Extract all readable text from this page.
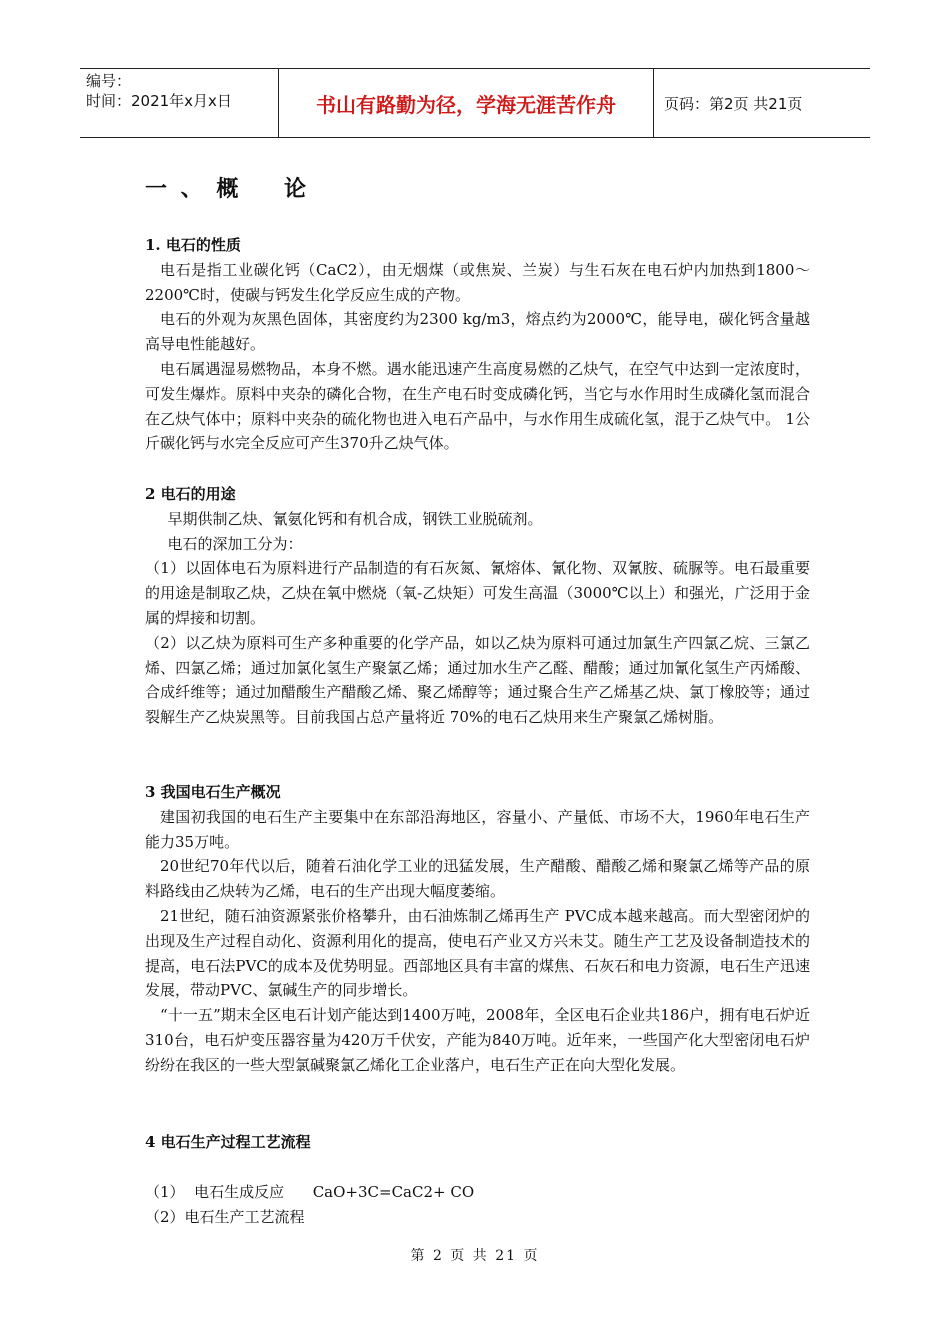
编号：
时间：2021年x月x日	书山有路勤为径，学海无涯苦作舟	页码：第2页 共21页
一 、 概    论
1. 电石的性质

电石是指工业碳化钙（CaC2），由无烟煤（或焦炭、兰炭）与生石灰在电石炉内加热到1800～2200℃时，使碳与钙发生化学反应生成的产物。

电石的外观为灰黑色固体，其密度约为2300 kg/m3，熔点约为2000℃，能导电，碳化钙含量越高导电性能越好。

电石属遇湿易燃物品，本身不燃。遇水能迅速产生高度易燃的乙炔气，在空气中达到一定浓度时，可发生爆炸。原料中夹杂的磷化合物，在生产电石时变成磷化钙，当它与水作用时生成磷化氢而混合在乙炔气体中；原料中夹杂的硫化物也进入电石产品中，与水作用生成硫化氢，混于乙炔气中。 1公斤碳化钙与水完全反应可产生370升乙炔气体。

2 电石的用途

早期供制乙炔、氰氨化钙和有机合成，钢铁工业脱硫剂。

电石的深加工分为：

（1）以固体电石为原料进行产品制造的有石灰氮、氰熔体、氰化物、双氰胺、硫脲等。电石最重要的用途是制取乙炔，乙炔在氧中燃烧（氧-乙炔矩）可发生高温（3000℃以上）和强光，广泛用于金属的焊接和切割。

（2）以乙炔为原料可生产多种重要的化学产品，如以乙炔为原料可通过加氯生产四氯乙烷、三氯乙烯、四氯乙烯；通过加氯化氢生产聚氯乙烯；通过加水生产乙醛、醋酸；通过加氰化氢生产丙烯酸、合成纤维等；通过加醋酸生产醋酸乙烯、聚乙烯醇等；通过聚合生产乙烯基乙炔、氯丁橡胶等；通过裂解生产乙炔炭黑等。目前我国占总产量将近 70%的电石乙炔用来生产聚氯乙烯树脂。

3 我国电石生产概况

建国初我国的电石生产主要集中在东部沿海地区，容量小、产量低、市场不大，1960年电石生产能力35万吨。

20世纪70年代以后，随着石油化学工业的迅猛发展，生产醋酸、醋酸乙烯和聚氯乙烯等产品的原料路线由乙炔转为乙烯，电石的生产出现大幅度萎缩。

21世纪，随石油资源紧张价格攀升，由石油炼制乙烯再生产 PVC成本越来越高。而大型密闭炉的出现及生产过程自动化、资源利用化的提高，使电石产业又方兴未艾。随生产工艺及设备制造技术的提高，电石法PVC的成本及优势明显。西部地区具有丰富的煤焦、石灰石和电力资源，电石生产迅速发展，带动PVC、氯碱生产的同步增长。

“十一五”期末全区电石计划产能达到1400万吨，2008年，全区电石企业共186户，拥有电石炉近310台，电石炉变压器容量为420万千伏安，产能为840万吨。近年来，一些国产化大型密闭电石炉纷纷在我区的一些大型氯碱聚氯乙烯化工企业落户，电石生产正在向大型化发展。

4 电石生产过程工艺流程

（1）  电石生成反应      CaO+3C=CaC2+ CO

（2）电石生产工艺流程

第 2 页 共 21 页
